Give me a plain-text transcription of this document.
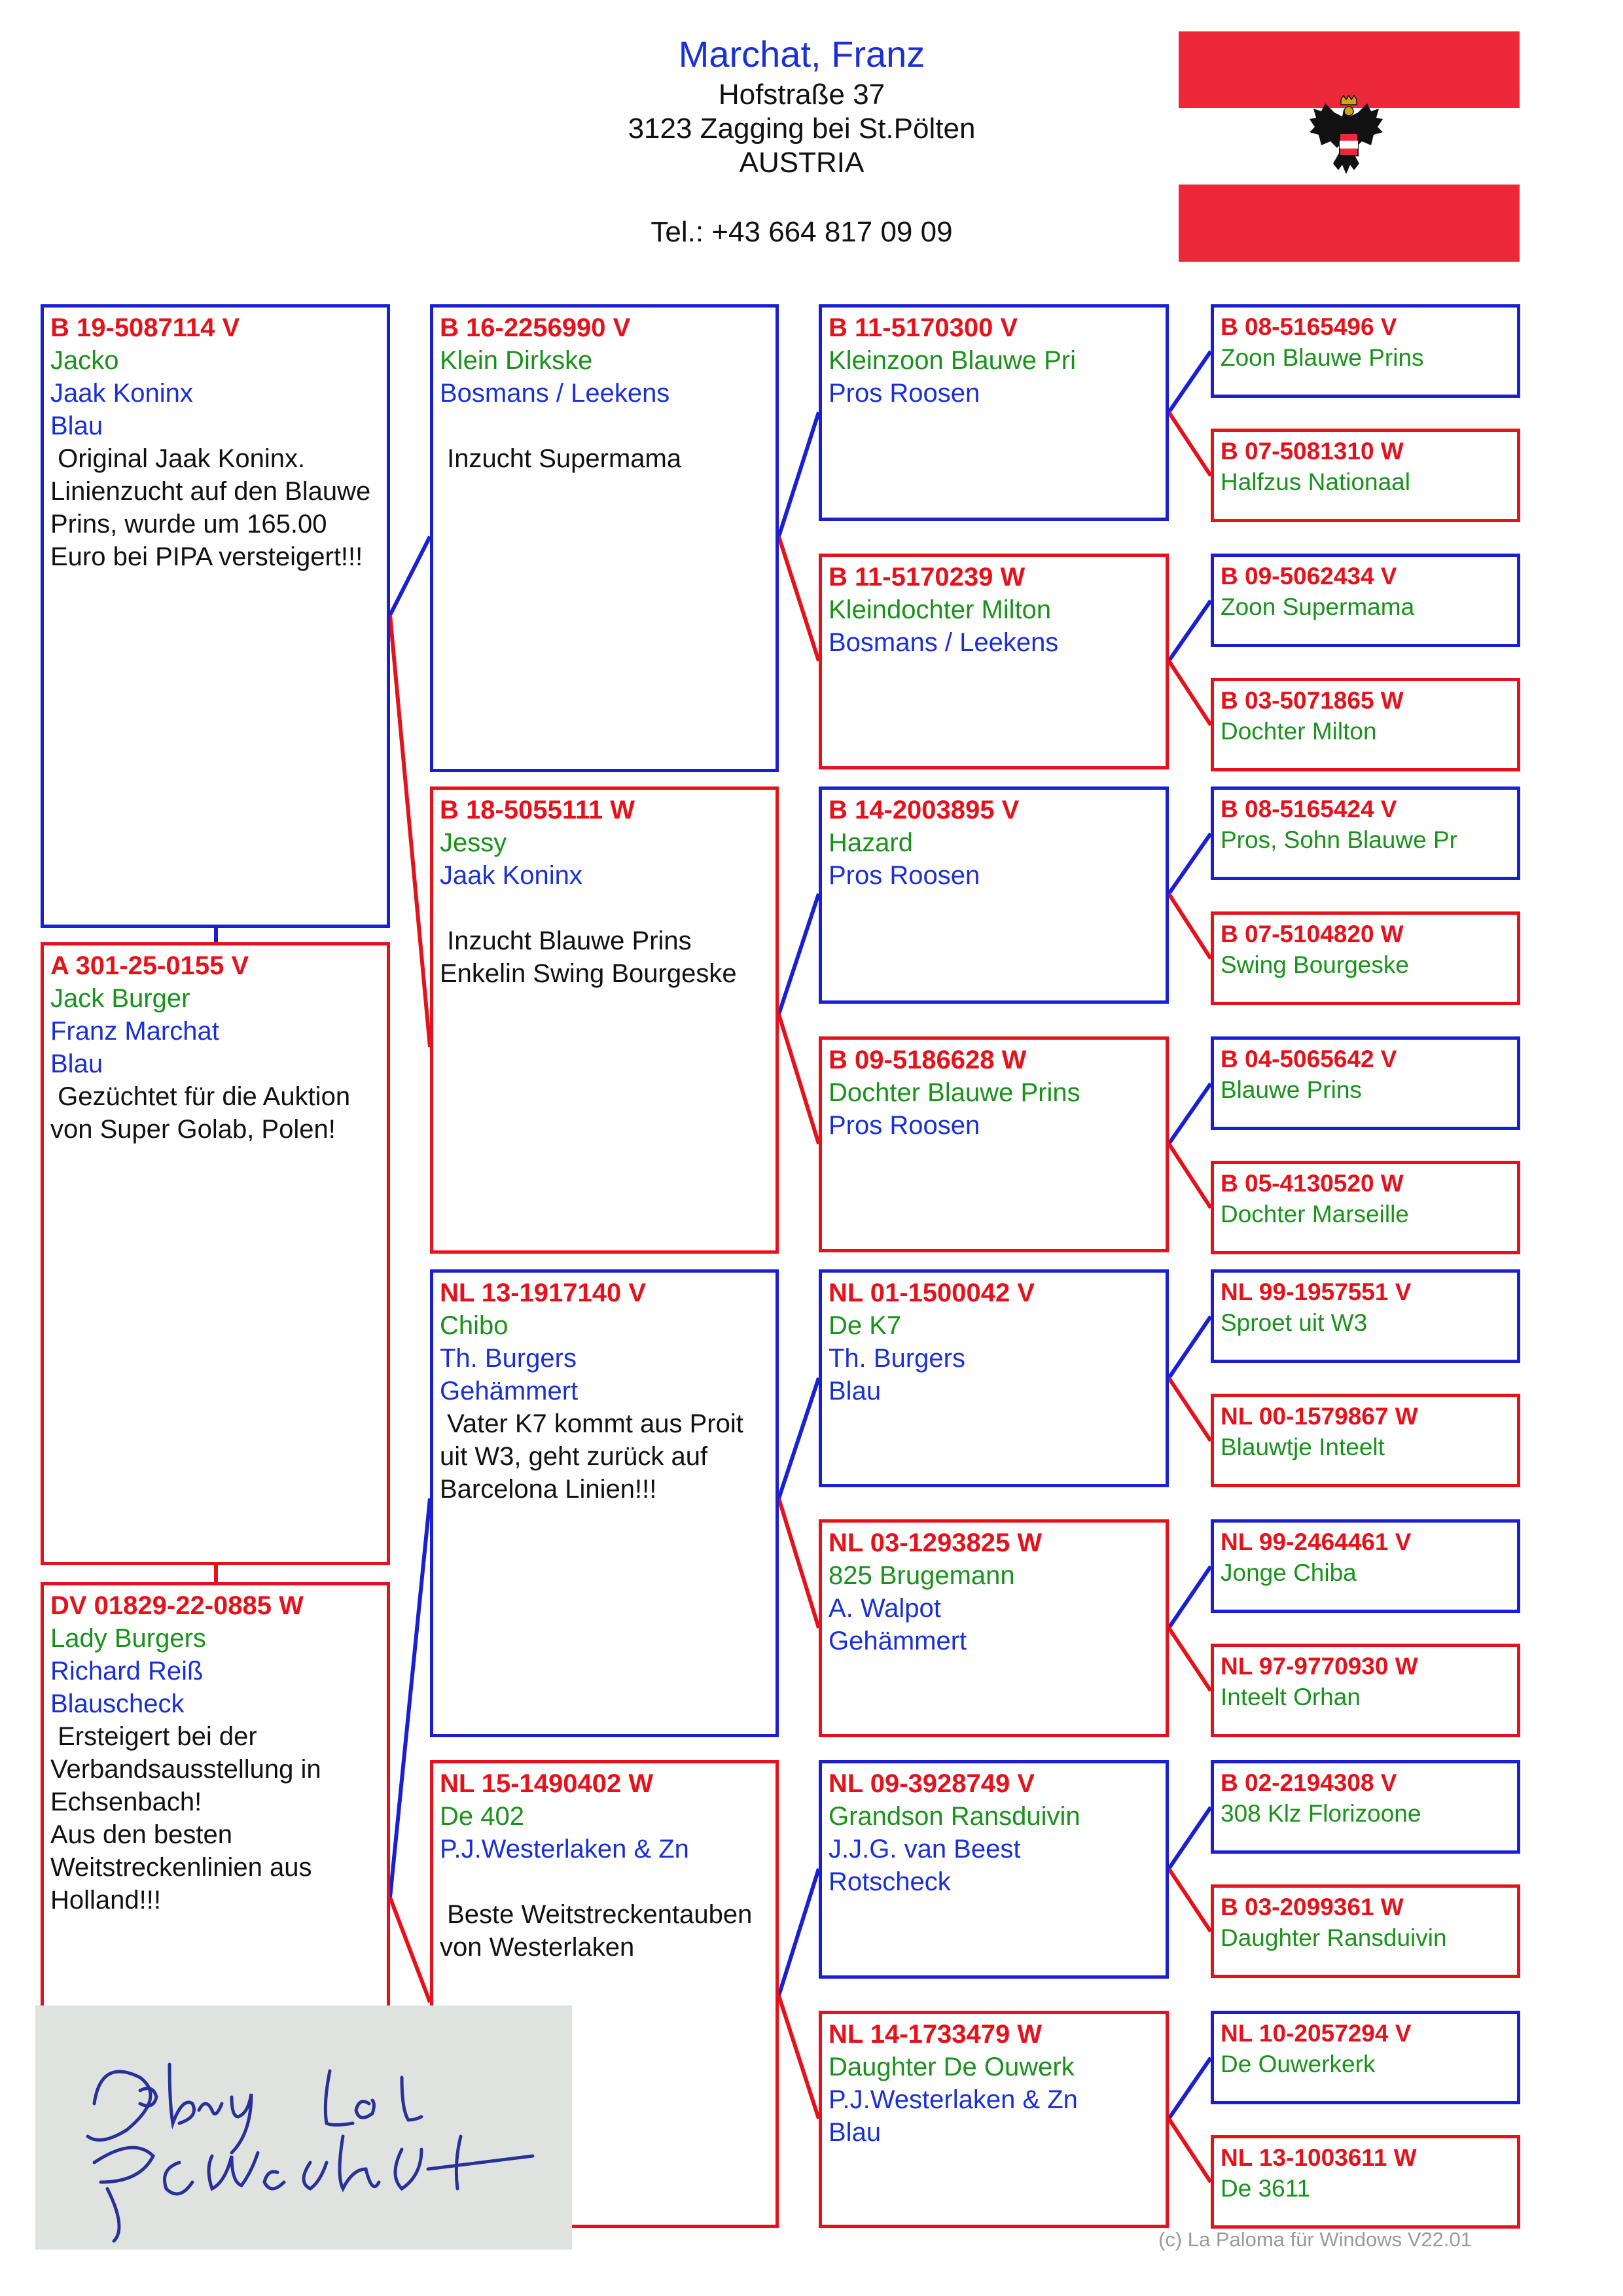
Marchat, Franz
Hofstraße 37
3123 Zagging bei St.Pölten
AUSTRIA
Tel.: +43 664 817 09 09
B 19-5087114 V
Jacko
Jaak Koninx
Blau
Original Jaak Koninx.
Linienzucht auf den Blauwe
Prins, wurde um 165.00
Euro bei PIPA versteigert!!!
A 301-25-0155 V
Jack Burger
Franz Marchat
Blau
Gezüchtet für die Auktion
von Super Golab, Polen!
DV 01829-22-0885 W
Lady Burgers
Richard Reiß
Blauscheck
Ersteigert bei der
Verbandsausstellung in
Echsenbach!
Aus den besten
Weitstreckenlinien aus
Holland!!!
B 16-2256990 V
Klein Dirkske
Bosmans / Leekens
Inzucht Supermama
B 18-5055111 W
Jessy
Jaak Koninx
Inzucht Blauwe Prins
Enkelin Swing Bourgeske
NL 13-1917140 V
Chibo
Th. Burgers
Gehämmert
Vater K7 kommt aus Proit
uit W3, geht zurück auf
Barcelona Linien!!!
NL 15-1490402 W
De 402
P.J.Westerlaken & Zn
Beste Weitstreckentauben
von Westerlaken
B 11-5170300 V
Kleinzoon Blauwe Pri
Pros Roosen
B 11-5170239 W
Kleindochter Milton
Bosmans / Leekens
B 14-2003895 V
Hazard
Pros Roosen
B 09-5186628 W
Dochter Blauwe Prins
Pros Roosen
NL 01-1500042 V
De K7
Th. Burgers
Blau
NL 03-1293825 W
825 Brugemann
A. Walpot
Gehämmert
NL 09-3928749 V
Grandson Ransduivin
J.J.G. van Beest
Rotscheck
NL 14-1733479 W
Daughter De Ouwerk
P.J.Westerlaken & Zn
Blau
B 08-5165496 V
Zoon Blauwe Prins
B 07-5081310 W
Halfzus Nationaal
B 09-5062434 V
Zoon Supermama
B 03-5071865 W
Dochter Milton
B 08-5165424 V
Pros, Sohn Blauwe Pr
B 07-5104820 W
Swing Bourgeske
B 04-5065642 V
Blauwe Prins
B 05-4130520 W
Dochter Marseille
NL 99-1957551 V
Sproet uit W3
NL 00-1579867 W
Blauwtje Inteelt
NL 99-2464461 V
Jonge Chiba
NL 97-9770930 W
Inteelt Orhan
B 02-2194308 V
308 Klz Florizoone
B 03-2099361 W
Daughter Ransduivin
NL 10-2057294 V
De Ouwerkerk
NL 13-1003611 W
De 3611
(c) La Paloma für Windows V22.01
